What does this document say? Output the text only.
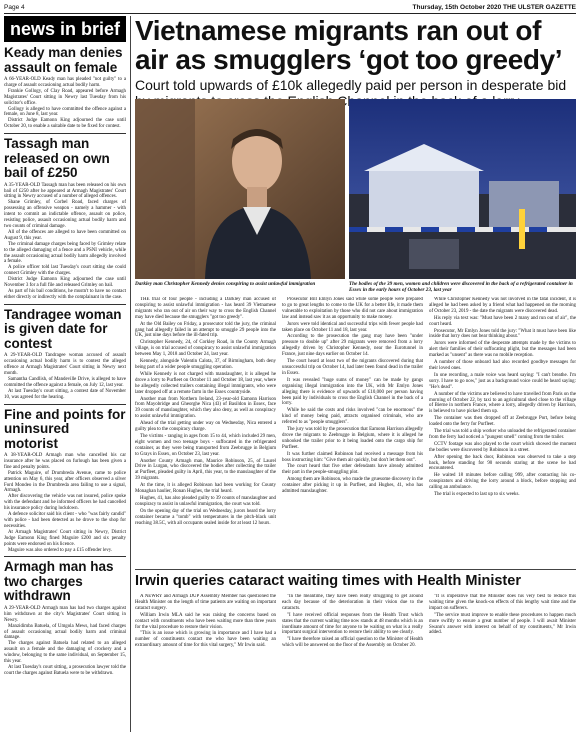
Page 4	Thursday, 15th October 2020 THE ULSTER GAZETTE
news in brief
Keady man denies assault on female
A 66-YEAR-OLD Keady man has pleaded "not guilty" to a charge of assault occasioning actual bodily harm.
Frankie Gollogy, of Clay Road, appeared before Armagh Magistrates' Court sitting in Newry last Tuesday from his solicitor's office.
Gollogy is alleged to have committed the offence against a female, on June 8, last year.
District Judge Eamonn King adjourned the case until October 20, to enable a suitable date to be fixed for contest.
Tassagh man released on own bail of £250
A 35-YEAR-OLD Tassagh man has been released on his own bail of £250 after he appeared at Armagh Magistrates' Court sitting in Newry accused of a number of alleged offences.
Shane Grimley, of Corbel Road, faced charges of possessing an offensive weapon - namely a hammer - with intent to commit an indictable offence, assault on police, resisting police, assault occasioning actual bodily harm and two counts of criminal damage.
All of the offences are alleged to have been committed on August 9, this year.
The criminal damage charges being faced by Grimley relate to the alleged damaging of a fence and a PSNI vehicle, while the assault occasioning actual bodily harm allegedly involved a female.
A police officer told last Tuesday's court sitting she could connect Grimley with the charges.
District Judge Eamonn King adjourned the case until November 3 for a full file and released Grimley on bail.
As part of his bail conditions, he mustn't to have no contact either directly or indirectly with the complainant in the case.
Tandragee woman is given date for contest
A 29-YEAR-OLD Tandragee woman accused of assault occasioning actual bodily harm is to contest the alleged offence at Armagh Magistrates' Court sitting in Newry next month.
Samantha Candlish, of Mandeville Drive, is alleged to have committed the offence against a female, on July 12, last year.
At last Tuesday's court sitting, a contest date of November 10, was agreed for the hearing.
Fine and points for uninsured motorist
A 38-YEAR-OLD Armagh man who cancelled his car insurance after he was placed on furlough has been given a fine and penalty points.
Patrick Maguire, of Drumbreda Avenue, came to police attention on May 6, this year, after officers observed a silver Ford Mondeo in the Drumbreda area failing to use a signal, Armagh.
After discovering the vehicle was not insured, police spoke with the defendant and he informed officers he had cancelled his insurance policy during lockdown.
A defence solicitor said his client - who "was fairly candid" with police - had been detected as he drove to the shop for necessities.
At Armagh Magistrates' Court sitting in Newry, District Judge Eamonn King fined Maguire £200 and six penalty points were endorsed on his licence.
Maguire was also ordered to pay a £15 offender levy.
Armagh man has two charges withdrawn
A 29-YEAR-OLD Armagh man has had two charges against him withdrawn at the city's Magistrates' Court sitting in Newry.
Manzidimba Batuela, of Umgola Mews, had faced charges of assault occasioning actual bodily harm and criminal damage.
The charges against Batuela had related to an alleged assault on a female and the damaging of crockery and a window, belonging to the same individual, on September 15, this year.
At last Tuesday's court sitting, a prosecution lawyer told the court the charges against Batuela were to be withdrawn.
Vietnamese migrants ran out of air as smugglers ‘got too greedy’
Court told upwards of £10k allegedly paid per person in desperate bid
Darkley man Christopher Kennedy denies conspiring to assist unlawful immigration	The bodies of the 39 men, women and children were discovered in the back of a refrigerated container in Essex in the early hours of October 23, last year

THE trial of four people - including a Darkley man accused of conspiring to assist unlawful immigration - has heard 39 Vietnamese migrants who ran out of air on their way to cross the English Channel may have died because the smugglers "got too greedy".

At the Old Bailey on Friday, a prosecutor told the jury, the criminal gang had allegedly failed in an attempt to smuggle 29 people into the UK, just nine days before the ill-fated trip.

Christopher Kennedy, 24, of Corkley Road, in the County Armagh village, is on trial accused of conspiracy to assist unlawful immigration between May 1, 2018 and October 24, last year.

Kennedy, alongside Valentin Calota, 37, of Birmingham, both deny being part of a wider people smuggling operation.

While Kennedy is not charged with manslaughter, it is alleged he drove a lorry to Purfleet on October 11 and October 18, last year, where he allegedly collected trailers containing illegal immigrants, who were later dropped off at a remote farm in the Essex countryside.

Another man from Northern Ireland, 23-year-old Eamonn Harrison from Mayobridge and Gheorghe Nica (43) of Basildon in Essex, face 39 counts of manslaughter, which they also deny, as well as conspiracy to assist unlawful immigration.

Ahead of the trial getting under way on Wednesday, Nica entered a guilty plea to the conspiracy charge.

The victims - ranging in ages from 15 to 44, which included 29 men, eight women and two teenage boys - suffocated in the refrigerated container, as they were being transported from Zeebrugge in Belgium to Grays in Essex, on October 23, last year.

Another County Armagh man, Maurice Robinson, 25, of Laurel Drive in Lurgan, who discovered the bodies after collecting the trailer at Purfleet, pleaded guilty in April, this year, to the manslaughter of the 39 migrants.

At the time, it is alleged Robinson had been working for County Monaghan haulier, Ronan Hughes, the trial heard.

Hughes, 41, has also pleaded guilty to 39 counts of manslaughter and conspiracy to assist in unlawful immigration, the court was told.

On the opening day of the trial on Wednesday, jurors heard the lorry container became a "tomb" with temperatures in the pitch-black unit reaching 38.5C, with all occupants sealed inside for at least 12 hours.

Prosecutor Bill Emlyn Jones said while some people were prepared to go to great lengths to come to the UK for a better life, it made them vulnerable to exploitation by those who did not care about immigration law and instead saw it as an opportunity to make money.

Jurors were told identical and successful trips with fewer people had taken place on October 11 and 18, last year.

According to the prosecution the gang may have been "under pressure to double up" after 29 migrants were removed from a lorry allegedly driven by Christopher Kennedy, near the Eurotunnel in France, just nine days earlier on October 14.

The court heard at least two of the migrants discovered during that unsuccessful trip on October 14, had later been found dead in the trailer in Essex.

It was revealed "huge sums of money" can be made by gangs organising illegal immigration into the UK, with Mr Emlyn Jones alleging there is evidence of upwards of £10,000 per person having been paid by individuals to cross the English Channel in the back of a lorry.

While he said the costs and risks involved "can be enormous" the kind of money being paid, attracts organised criminals, who are referred to as "people smugglers".

The jury was told by the prosecution that Eamonn Harrison allegedly drove the migrants to Zeebrugge in Belgium, where it is alleged he unhooked the trailer prior to it being loaded onto the cargo ship for Purfleet.

It was further claimed Robinson had received a message from his boss instructing him: "Give them air quickly, but don't let them out".

The court heard that five other defendants have already admitted their part in the people-smuggling plot.

Among them are Robinson, who made the gruesome discovery in the container after picking it up in Purfleet, and Hughes, 41, who has admitted manslaughter.

While Christopher Kennedy was not involved in the fatal incident, it is alleged he had been asked by a friend what had happened on the morning of October 23, 2019 - the date the migrants were discovered dead.

His reply via text was: "Must have been 2 many and run out of air", the court heard.

Prosecutor, Mr Emlyn Jones told the jury: "What it must have been like inside that lorry does not bear thinking about."

Jurors were informed of the desperate attempts made by the victims to alert their families of their suffocating plight, but the messages had been marked as "unsent" as there was no mobile reception.

A number of those onboard had also recorded goodbye messages for their loved ones.

In one recording, a male voice was heard saying: "I can't breathe. I'm sorry. I have to go now," just as a background voice could be heard saying: "He's dead".

A number of the victims are believed to have travelled from Paris on the morning of October 22, by taxi to an agricultural shed close to the village of Bierne in northern France, where a lorry, allegedly driven by Harrison, is believed to have picked them up.

The container was then dropped off at Zeebrugge Port, before being loaded onto the ferry for Purfleet.

The trial was told a ship worker who unloaded the refrigerated container from the ferry had noticed a "pungent smell" coming from the trailer.

CCTV footage was also played to the court which showed the moment the bodies were discovered by Robinson in a street.

After opening the back door, Robinson was observed to take a step back, before standing for 90 seconds staring at the scene he had encountered.

He waited 18 minutes before calling 999, after contacting his co-conspirators and driving the lorry around a block, before stopping and calling an ambulance.

The trial is expected to last up to six weeks.

Irwin queries cataract waiting times with Health Minister

A NEWRY and Armagh DUP Assembly Member has questioned the Health Minister on the length of time patients are waiting on important cataract surgery.

William Irwin MLA said he was raising the concerns based on contact with constituents who have been waiting more than three years for the vital procedure to restore their vision.

"This is an issue which is growing in importance and I have had a number of constituents contact me who have been waiting an extraordinary amount of time for this vital surgery," Mr Irwin said.

"In the meantime, they have been really struggling to get around each day because of the deterioration in their vision due to the cataracts.

"I have received official responses from the Health Trust which states that the current waiting time now stands at 48 months which is an inordinate amount of time for anyone to be waiting on what is a really important surgical intervention to restore their ability to see clearly.

"I have therefore raised an official question to the Minister of Health which will be answered on the floor of the Assembly on October 20.

"It is imperative that the Minister does his very best to reduce this waiting time given the knock-on effects of this lengthy wait time and the impact on sufferers.

"The service must improve to enable these procedures to happen much more swiftly to ensure a great number of people. I will await Minister Swann's answer with interest on behalf of my constituents," Mr Irwin added.
